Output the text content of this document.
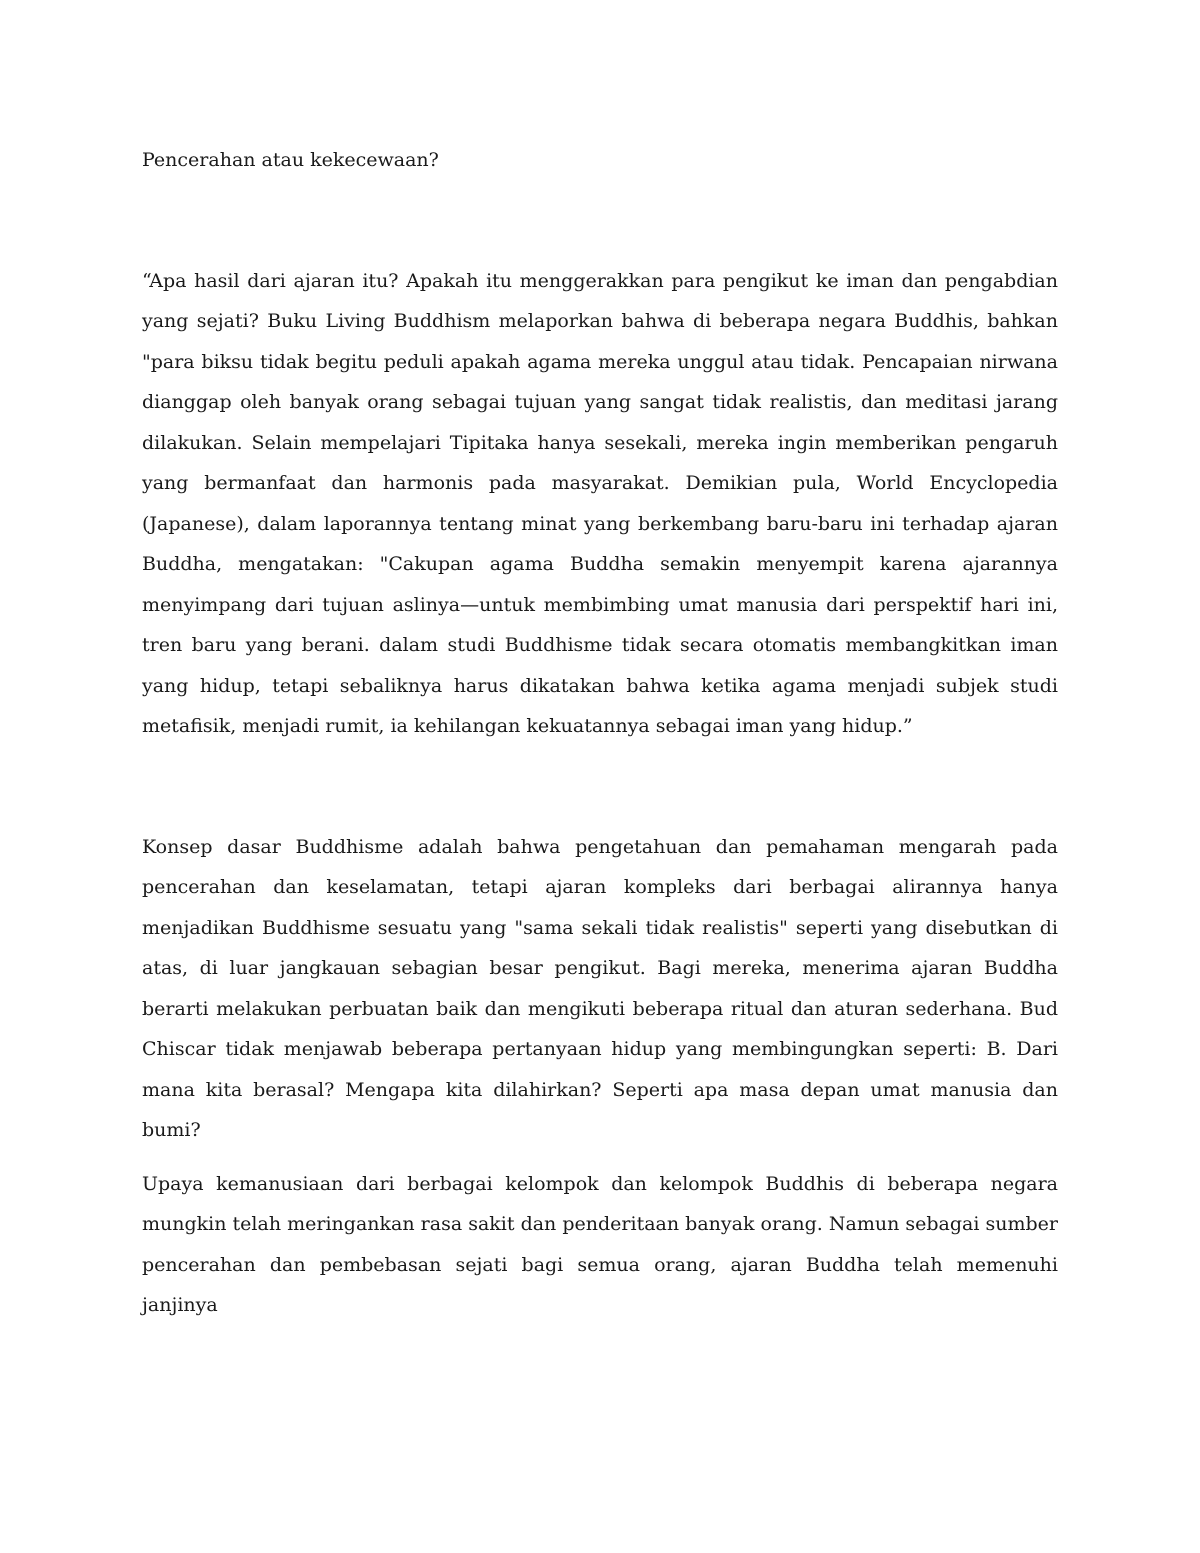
Pencerahan atau kekecewaan?

“Apa hasil dari ajaran itu? Apakah itu menggerakkan para pengikut ke iman dan pengabdian yang sejati? Buku Living Buddhism melaporkan bahwa di beberapa negara Buddhis, bahkan "para biksu tidak begitu peduli apakah agama mereka unggul atau tidak. Pencapaian nirwana dianggap oleh banyak orang sebagai tujuan yang sangat tidak realistis, dan meditasi jarang dilakukan. Selain mempelajari Tipitaka hanya sesekali, mereka ingin memberikan pengaruh yang bermanfaat dan harmonis pada masyarakat. Demikian pula, World Encyclopedia (Japanese), dalam laporannya tentang minat yang berkembang baru-baru ini terhadap ajaran Buddha, mengatakan: "Cakupan agama Buddha semakin menyempit karena ajarannya menyimpang dari tujuan aslinya—untuk membimbing umat manusia dari perspektif hari ini, tren baru yang berani. dalam studi Buddhisme tidak secara otomatis membangkitkan iman yang hidup, tetapi sebaliknya harus dikatakan bahwa ketika agama menjadi subjek studi metafisik, menjadi rumit, ia kehilangan kekuatannya sebagai iman yang hidup.”

Konsep dasar Buddhisme adalah bahwa pengetahuan dan pemahaman mengarah pada pencerahan dan keselamatan, tetapi ajaran kompleks dari berbagai alirannya hanya menjadikan Buddhisme sesuatu yang "sama sekali tidak realistis" seperti yang disebutkan di atas, di luar jangkauan sebagian besar pengikut. Bagi mereka, menerima ajaran Buddha berarti melakukan perbuatan baik dan mengikuti beberapa ritual dan aturan sederhana. Bud Chiscar tidak menjawab beberapa pertanyaan hidup yang membingungkan seperti: B. Dari mana kita berasal? Mengapa kita dilahirkan? Seperti apa masa depan umat manusia dan bumi?

Upaya kemanusiaan dari berbagai kelompok dan kelompok Buddhis di beberapa negara mungkin telah meringankan rasa sakit dan penderitaan banyak orang. Namun sebagai sumber pencerahan dan pembebasan sejati bagi semua orang, ajaran Buddha telah memenuhi janjinya
